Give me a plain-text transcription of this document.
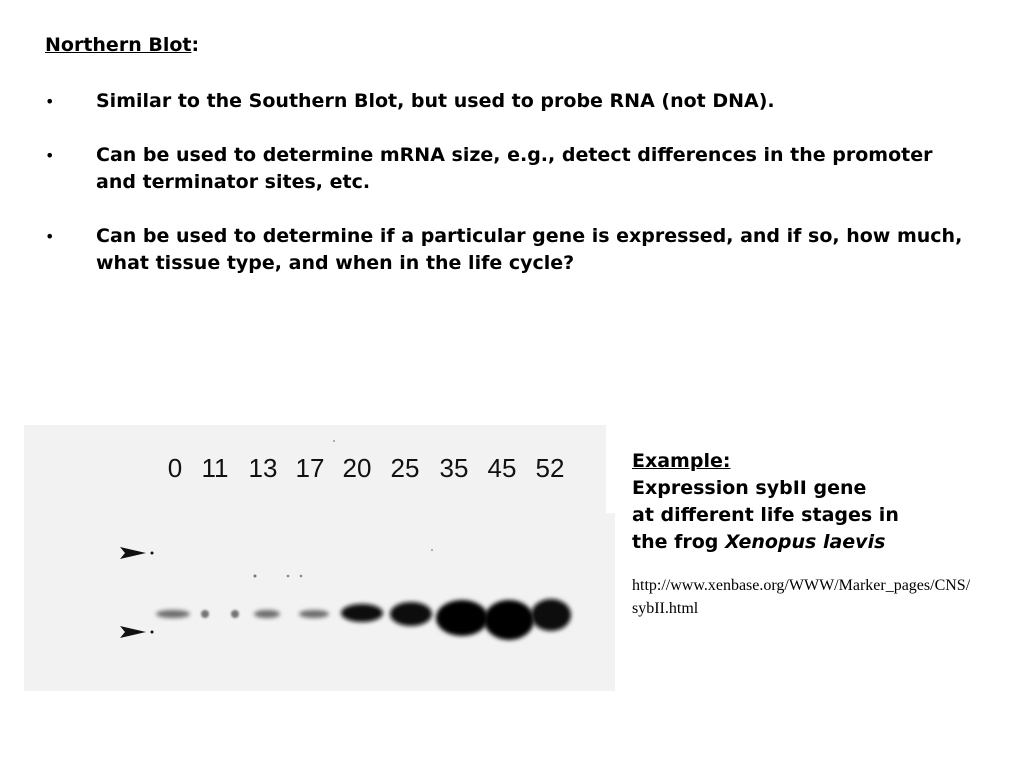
Northern Blot:
• Similar to the Southern Blot, but used to probe RNA (not DNA).
• Can be used to determine mRNA size, e.g., detect differences in the promoter and terminator sites, etc.
• Can be used to determine if a particular gene is expressed, and if so, how much, what tissue type, and when in the life cycle?
0 11 13 17 20 25 35 45 52	Example:
Expression sybII gene
at different life stages in
the frog Xenopus laevis
http://www.xenbase.org/WWW/Marker_pages/CNS/sybII.html
